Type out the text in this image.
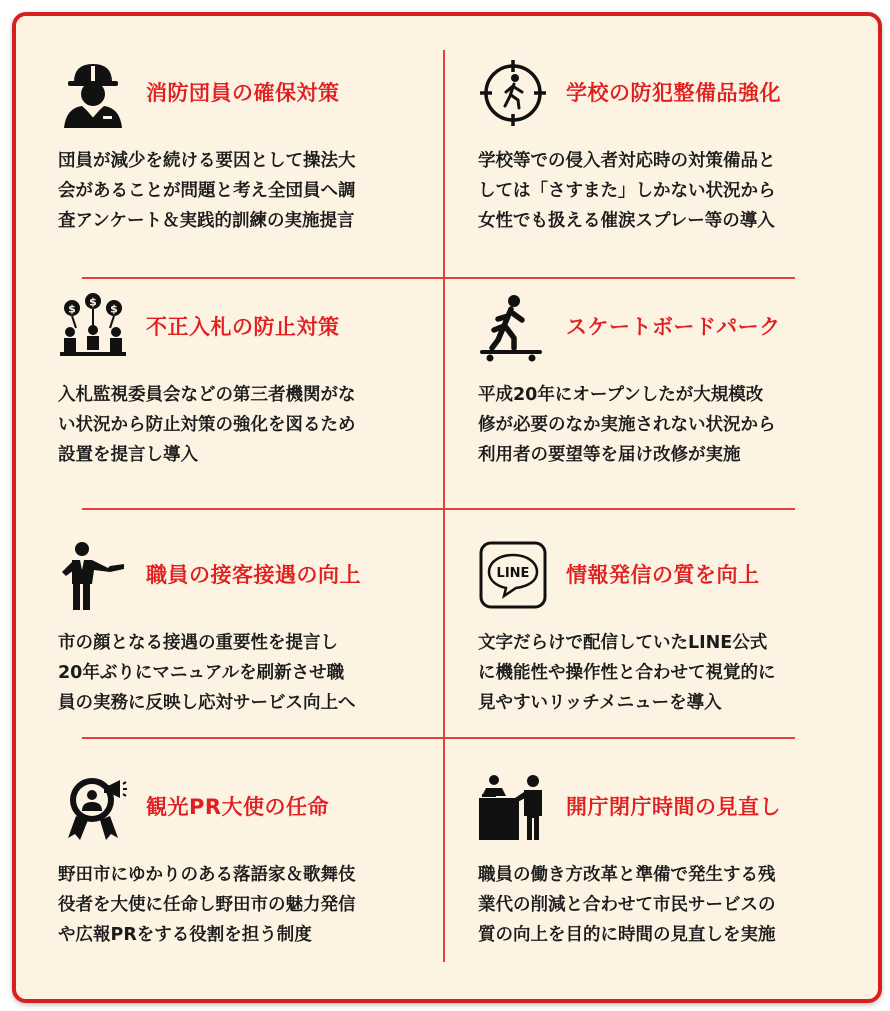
消防団員の確保対策
団員が減少を続ける要因として操法大
会があることが問題と考え全団員へ調
査アンケート＆実践的訓練の実施提言
学校の防犯整備品強化
学校等での侵入者対応時の対策備品と
しては「さすまた」しかない状況から
女性でも扱える催涙スプレー等の導入
$
$
$
不正入札の防止対策
入札監視委員会などの第三者機関がな
い状況から防止対策の強化を図るため
設置を提言し導入
スケートボードパーク
平成20年にオープンしたが大規模改
修が必要のなか実施されない状況から
利用者の要望等を届け改修が実施
職員の接客接遇の向上
市の顔となる接遇の重要性を提言し
20年ぶりにマニュアルを刷新させ職
員の実務に反映し応対サービス向上へ
LINE 情報発信の質を向上
文字だらけで配信していたLINE公式
に機能性や操作性と合わせて視覚的に
見やすいリッチメニューを導入
観光PR大使の任命
野田市にゆかりのある落語家＆歌舞伎
役者を大使に任命し野田市の魅力発信
や広報PRをする役割を担う制度
開庁閉庁時間の見直し
職員の働き方改革と準備で発生する残
業代の削減と合わせて市民サービスの
質の向上を目的に時間の見直しを実施
